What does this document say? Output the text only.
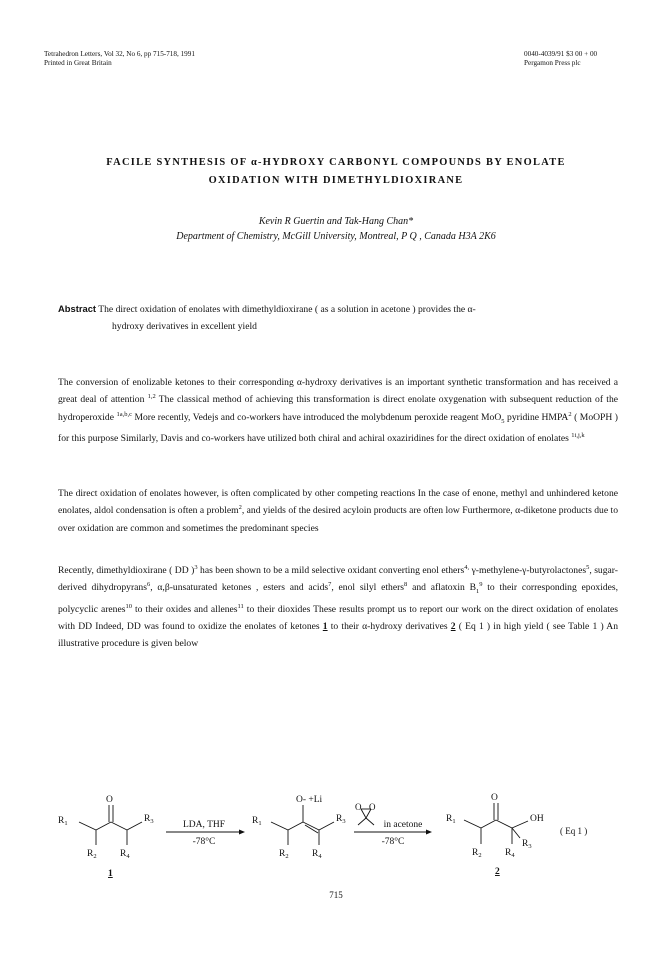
Tetrahedron Letters, Vol 32, No 6, pp 715-718, 1991
Printed in Great Britain
0040-4039/91 $3 00 + 00
Pergamon Press plc
FACILE SYNTHESIS OF α-HYDROXY CARBONYL COMPOUNDS BY ENOLATE
OXIDATION WITH DIMETHYLDIOXIRANE
Kevin R Guertin and Tak-Hang Chan*
Department of Chemistry, McGill University, Montreal, P Q , Canada H3A 2K6
Abstract The direct oxidation of enolates with dimethyldioxirane ( as a solution in acetone ) provides the α-
hydroxy derivatives in excellent yield
The conversion of enolizable ketones to their corresponding α-hydroxy derivatives is an important synthetic transformation and has received a great deal of attention $^{1,2}$ The classical method of achieving this transformation is direct enolate oxygenation with subsequent reduction of the hydroperoxide $^{1a,b,c}$ More recently, Vedejs and co-workers have introduced the molybdenum peroxide reagent MoO$_5$ pyridine HMPA$^2$ ( MoOPH ) for this purpose Similarly, Davis and co-workers have utilized both chiral and achiral oxaziridines for the direct oxidation of enolates $^{1i,j,k}$
The direct oxidation of enolates however, is often complicated by other competing reactions In the case of enone, methyl and unhindered ketone enolates, aldol condensation is often a problem$^2$, and yields of the desired acyloin products are often low Furthermore, α-diketone products due to over oxidation are common and sometimes the predominant species
Recently, dimethyldioxirane ( DD )$^3$ has been shown to be a mild selective oxidant converting enol ethers$^{4,}$ γ-methylene-γ-butyrolactones$^5$, sugar-derived dihydropyrans$^6$, α,β-unsaturated ketones , esters and acids$^7$, enol silyl ethers$^8$ and aflatoxin $B_1^9$ to their corresponding epoxides, polycyclic arenes$^{10}$ to their oxides and allenes$^{11}$ to their dioxides These results prompt us to report our work on the direct oxidation of enolates with DD Indeed, DD was found to oxidize the enolates of ketones 1 to their α-hydroxy derivatives 2 ( Eq 1 ) in high yield ( see Table 1 ) An illustrative procedure is given below
O
$R_1$	$R_3$
$R_2$ $R_4$
1
LDA, THF
-78°C
O- +Li
$R_1$	$R_3$
$R_2$ $R_4$
O O
in acetone
-78°C
O
OH
$R_1$
$R_3$
$R_2$ $R_4$
2
( Eq 1 )
715
